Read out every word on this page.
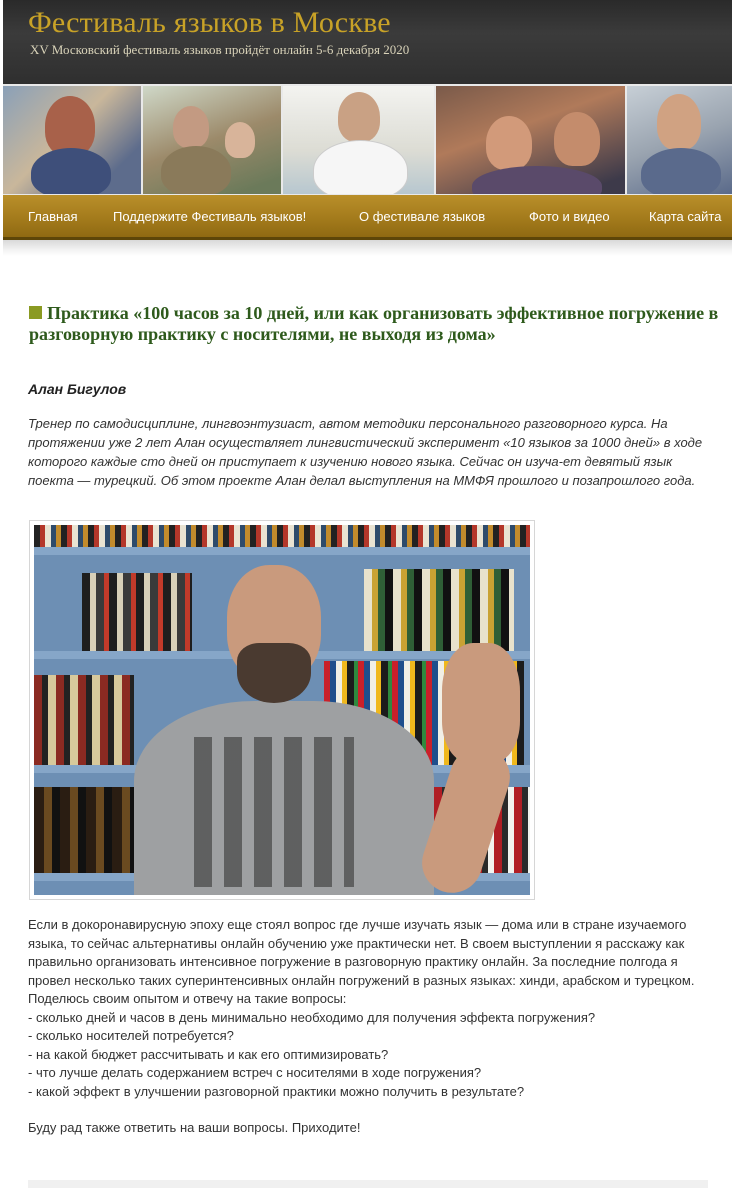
Фестиваль языков в Москве
XV Московский фестиваль языков пройдёт онлайн 5-6 декабря 2020
Главная	Поддержите Фестиваль языков!	О фестивале языков	Фото и видео	Карта сайта
Практика «100 часов за 10 дней, или как организовать эффективное погружение в разговорную практику с носителями, не выходя из дома»
Алан Бигулов
Тренер по самодисциплине, лингвоэнтузиаст, автом методики персонального разговорного курса. На протяжении уже 2 лет Алан осуществляет лингвистический эксперимент «10 языков за 1000 дней» в ходе которого каждые сто дней он приступает к изучению нового языка. Сейчас он изуча-ет девятый язык поекта — турецкий. Об этом проекте Алан делал выступления на ММФЯ прошлого и позапрошлого года.

Если в докоронавирусную эпоху еще стоял вопрос где лучше изучать язык — дома или в стране изучаемого языка, то сейчас альтернативы онлайн обучению уже практически нет. В своем выступлении я расскажу как правильно организовать интенсивное погружение в разговорную практику онлайн. За последние полгода я провел несколько таких суперинтенсивных онлайн погружений в разных языках: хинди, арабском и турецком.

Поделюсь своим опытом и отвечу на такие вопросы:

- сколько дней и часов в день минимально необходимо для получения эффекта погружения?

- сколько носителей потребуется?

- на какой бюджет рассчитывать и как его оптимизировать?

- что лучше делать содержанием встреч с носителями в ходе погружения?

- какой эффект в улучшении разговорной практики можно получить в результате?

Буду рад также ответить на ваши вопросы. Приходите!
